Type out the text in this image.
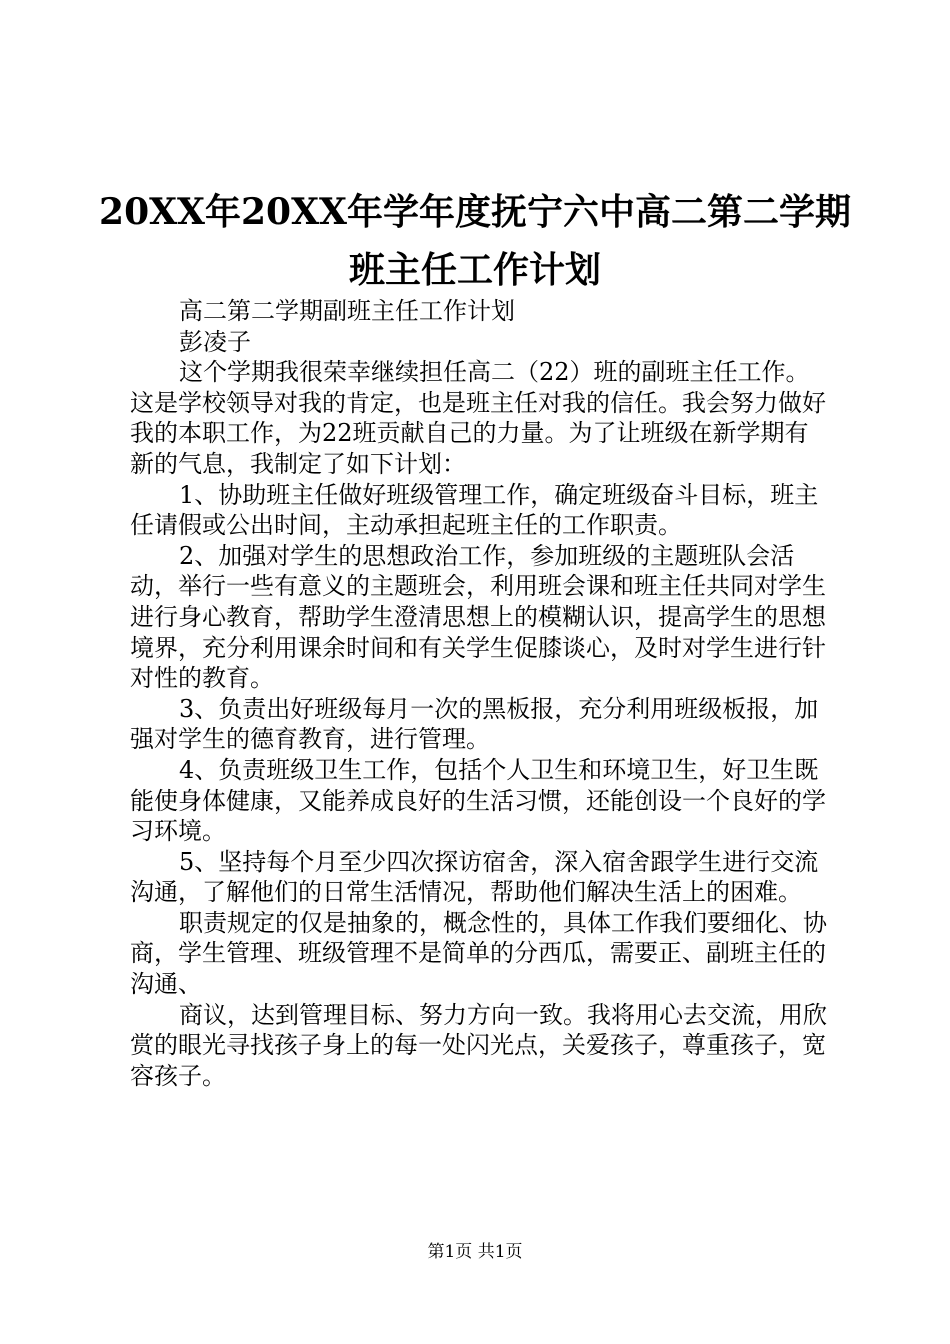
20XX年20XX年学年度抚宁六中高二第二学期
班主任工作计划

高二第二学期副班主任工作计划

彭凌子

这个学期我很荣幸继续担任高二（22）班的副班主任工作。这是学校领导对我的肯定，也是班主任对我的信任。我会努力做好我的本职工作，为22班贡献自己的力量。为了让班级在新学期有新的气息，我制定了如下计划：

1、协助班主任做好班级管理工作，确定班级奋斗目标，班主任请假或公出时间，主动承担起班主任的工作职责。

2、加强对学生的思想政治工作，参加班级的主题班队会活动，举行一些有意义的主题班会，利用班会课和班主任共同对学生进行身心教育，帮助学生澄清思想上的模糊认识，提高学生的思想境界，充分利用课余时间和有关学生促膝谈心，及时对学生进行针对性的教育。

3、负责出好班级每月一次的黑板报，充分利用班级板报，加强对学生的德育教育，进行管理。

4、负责班级卫生工作，包括个人卫生和环境卫生，好卫生既能使身体健康，又能养成良好的生活习惯，还能创设一个良好的学习环境。

5、坚持每个月至少四次探访宿舍，深入宿舍跟学生进行交流沟通，了解他们的日常生活情况，帮助他们解决生活上的困难。

职责规定的仅是抽象的，概念性的，具体工作我们要细化、协商，学生管理、班级管理不是简单的分西瓜，需要正、副班主任的沟通、

商议，达到管理目标、努力方向一致。我将用心去交流，用欣赏的眼光寻找孩子身上的每一处闪光点，关爱孩子，尊重孩子，宽容孩子。

第1页 共1页
